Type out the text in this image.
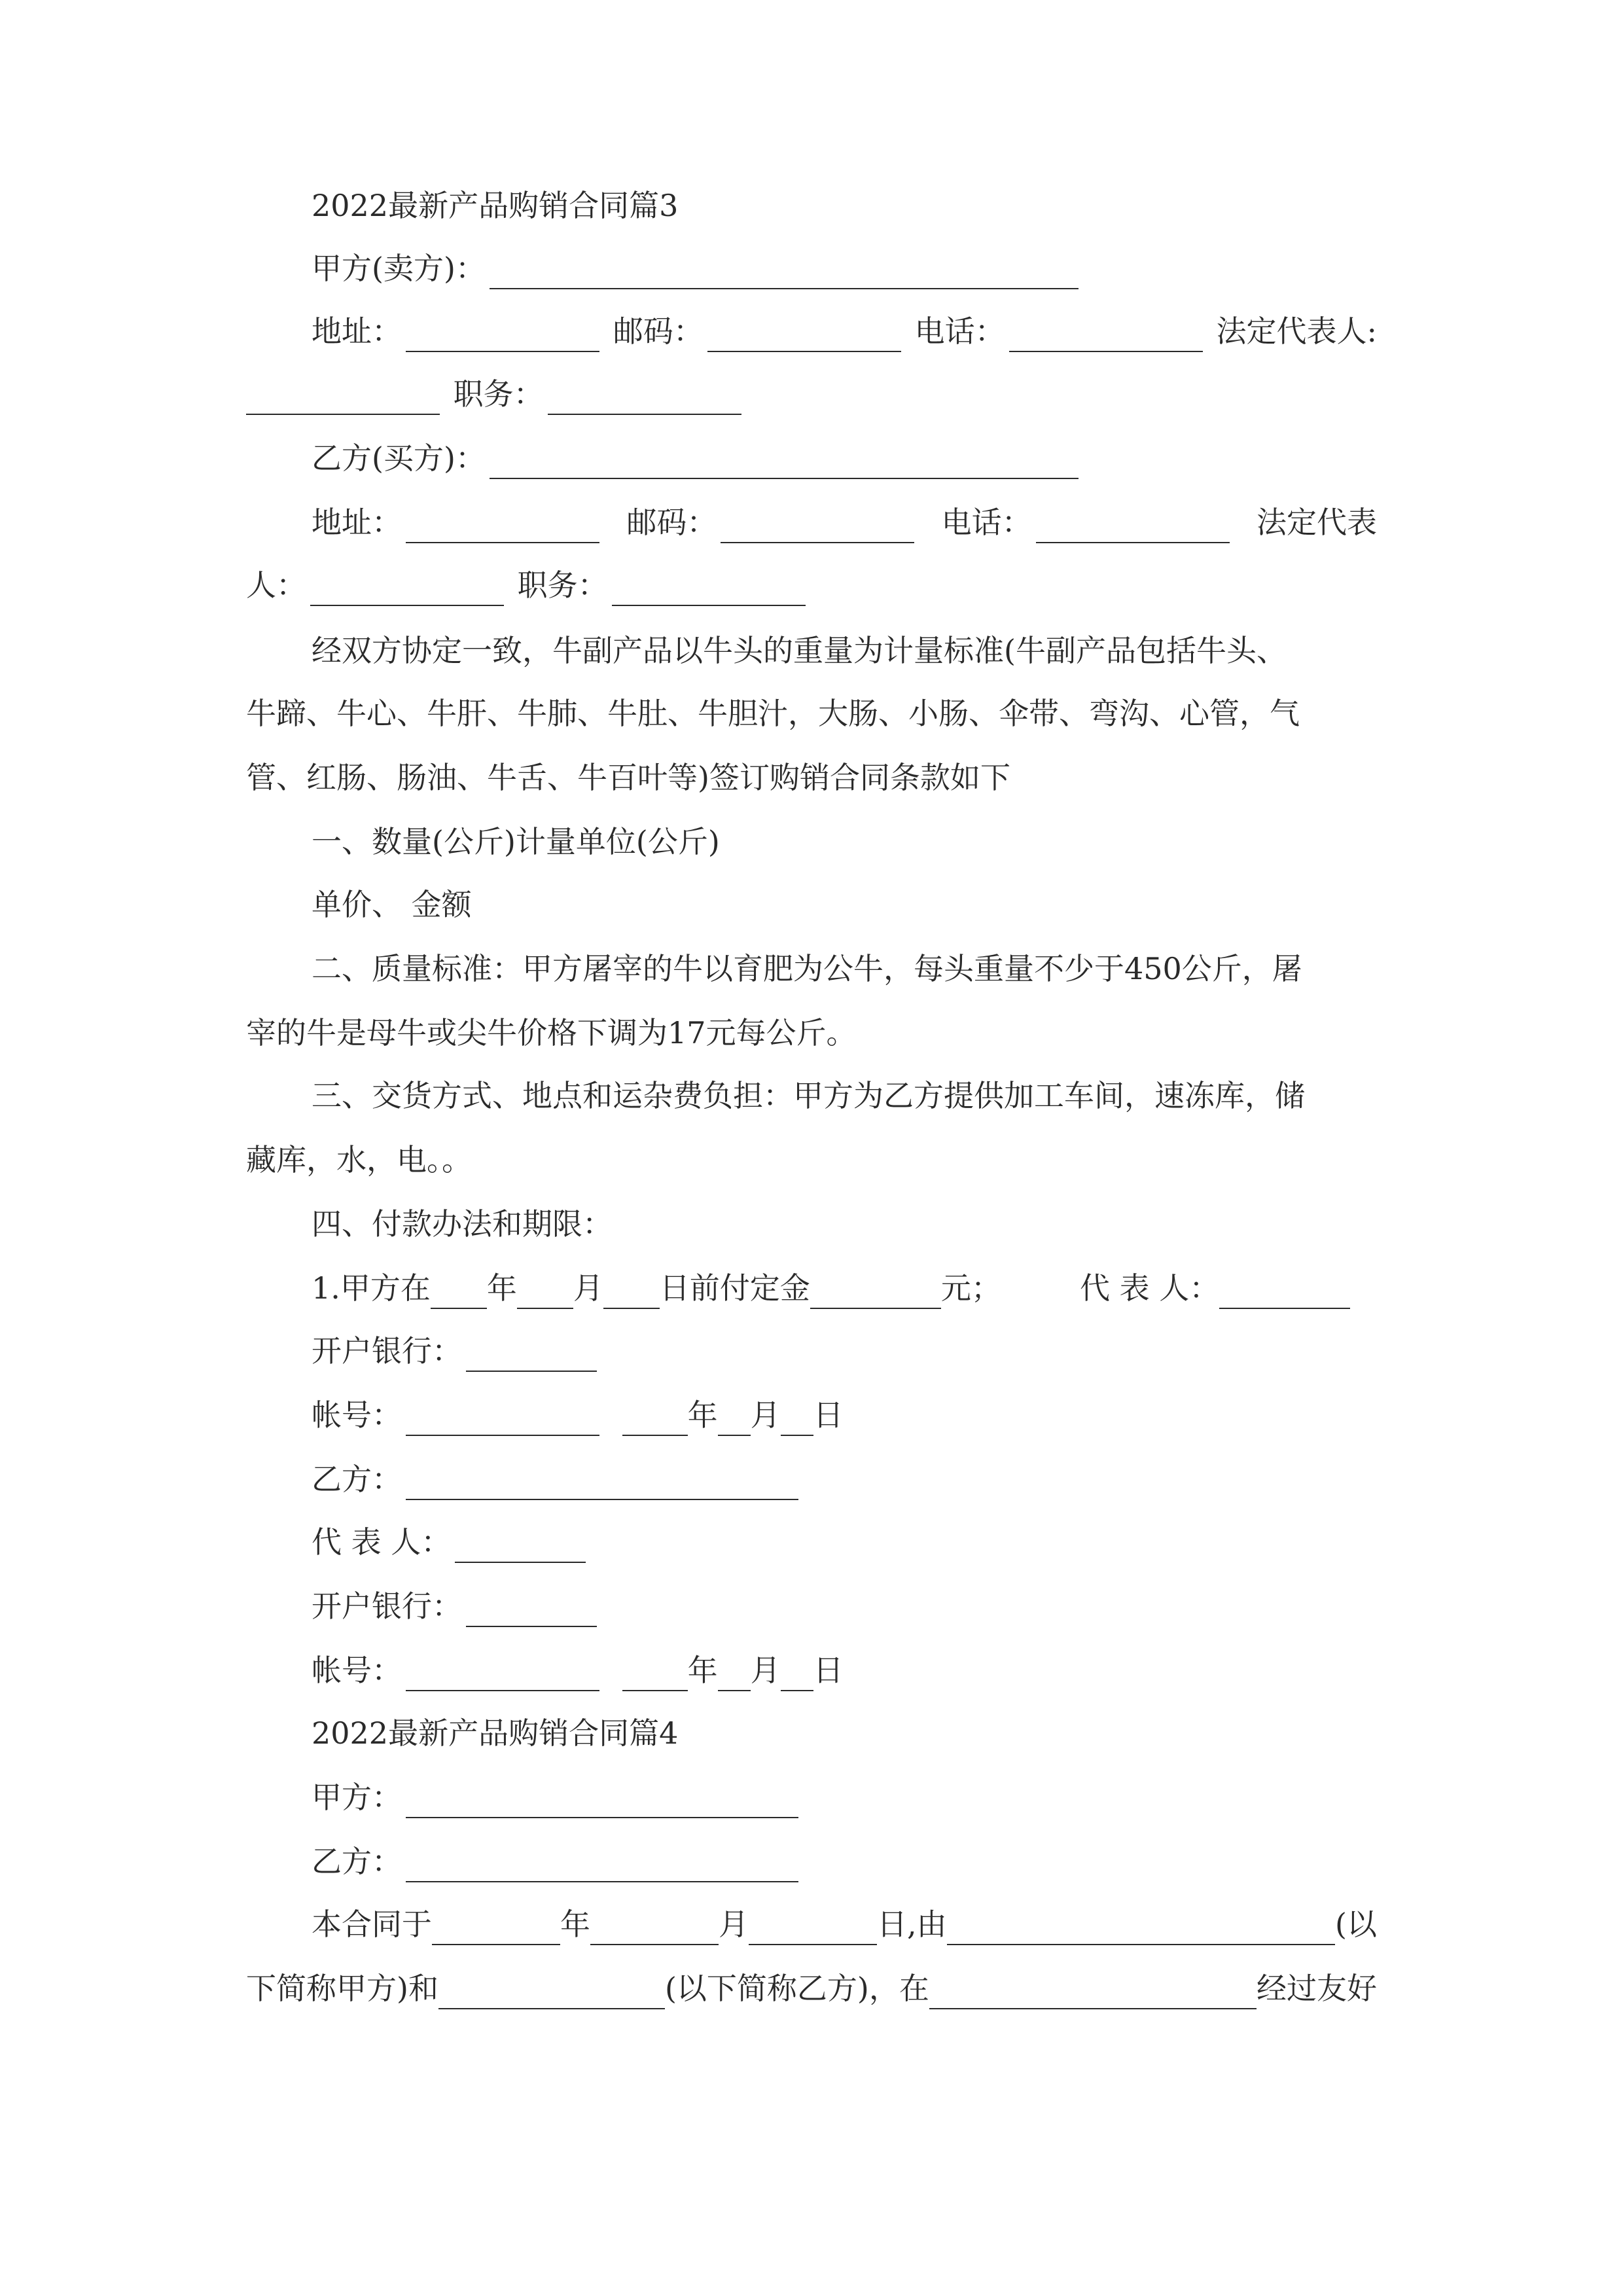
2022最新产品购销合同篇3
甲方(卖方)：
地址：	邮码：	电话：	法定代表人:
职务：
乙方(买方)：
地址：	邮码：	电话：	法定代表
人：	职务：
经双方协定一致，牛副产品以牛头的重量为计量标准(牛副产品包括牛头、
牛蹄、牛心、牛肝、牛肺、牛肚、牛胆汁，大肠、小肠、伞带、弯沟、心管，气
管、红肠、肠油、牛舌、牛百叶等)签订购销合同条款如下
一、数量(公斤)计量单位(公斤)
单价、 金额
二、质量标准：甲方屠宰的牛以育肥为公牛，每头重量不少于450公斤，屠
宰的牛是母牛或尖牛价格下调为17元每公斤。
三、交货方式、地点和运杂费负担：甲方为乙方提供加工车间，速冻库，储
藏库，水，电。。
四、付款办法和期限：
1.甲方在 年 月 日前付定金	元；	代 表 人：
开户银行：
帐号：	年 月 日
乙方：
代 表 人：
开户银行：
帐号：	年 月 日
2022最新产品购销合同篇4
甲方：
乙方：
本合同于	年	月	日,由	(以
下简称甲方)和	(以下简称乙方)，在	经过友好
